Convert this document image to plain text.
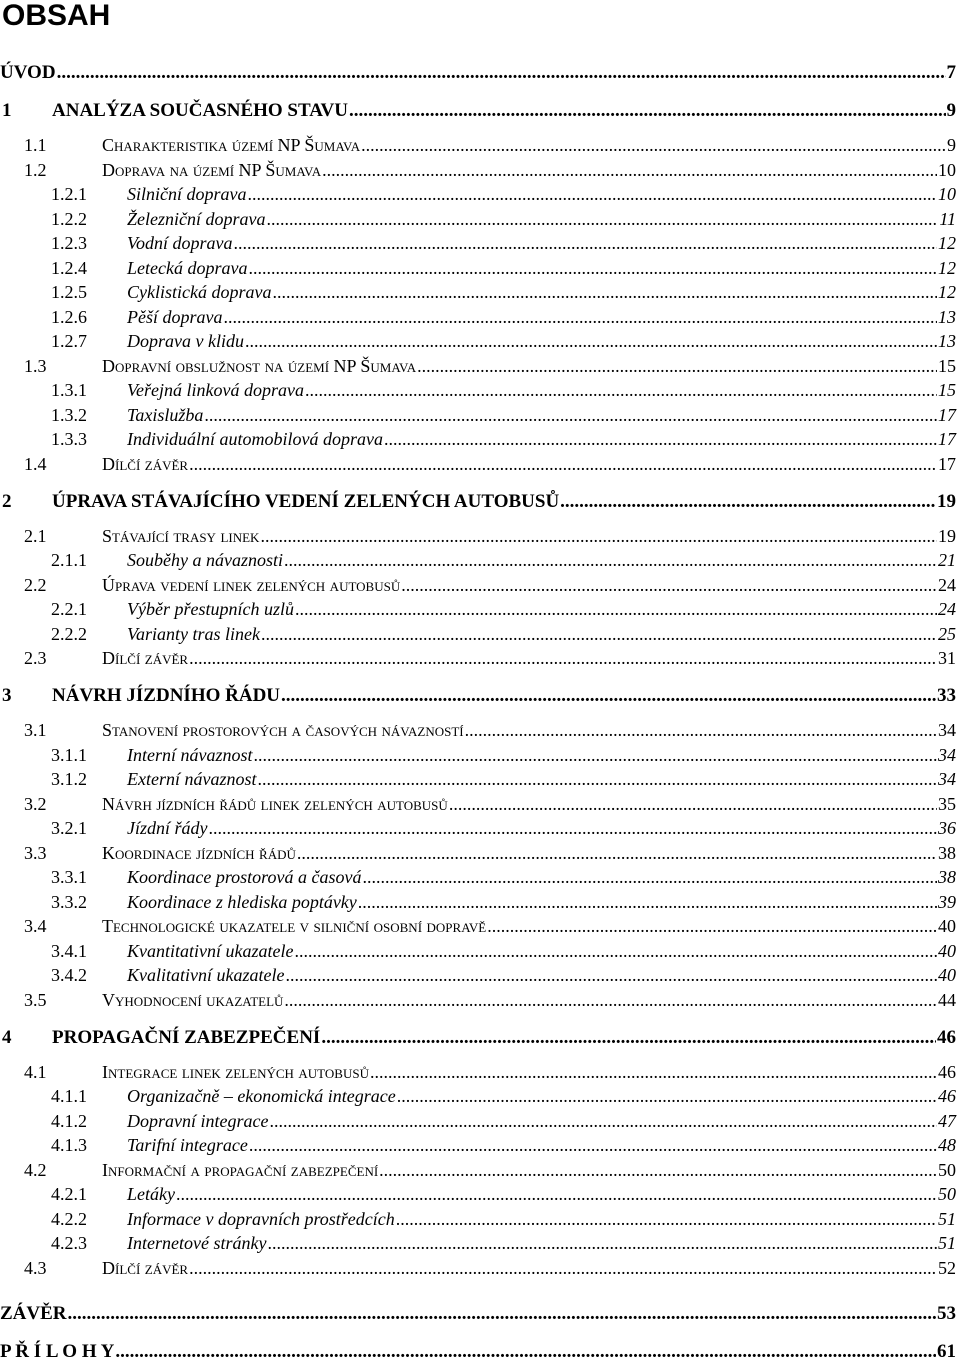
OBSAH
ÚVOD .....	7
1	ANALÝZA SOUČASNÉHO STAVU .....	9
1.1	Charakteristika území NP Šumava .....	9
1.2	Doprava na území NP Šumava .....	10
1.2.1	Silniční doprava .....	10
1.2.2	Železniční doprava .....	11
1.2.3	Vodní doprava .....	12
1.2.4	Letecká doprava .....	12
1.2.5	Cyklistická doprava .....	12
1.2.6	Pěší doprava .....	13
1.2.7	Doprava v klidu .....	13
1.3	Dopravní obslužnost na území NP Šumava .....	15
1.3.1	Veřejná linková doprava .....	15
1.3.2	Taxislužba .....	17
1.3.3	Individuální automobilová doprava .....	17
1.4	Dílčí závěr .....	17
2	ÚPRAVA STÁVAJÍCÍHO VEDENÍ ZELENÝCH AUTOBUSŮ .....	19
2.1	Stávající trasy linek .....	19
2.1.1	Souběhy a návaznosti .....	21
2.2	Úprava vedení linek zelených autobusů .....	24
2.2.1	Výběr přestupních uzlů .....	24
2.2.2	Varianty tras linek .....	25
2.3	Dílčí závěr .....	31
3	NÁVRH JÍZDNÍHO ŘÁDU .....	33
3.1	Stanovení prostorových a časových návazností .....	34
3.1.1	Interní návaznost .....	34
3.1.2	Externí návaznost .....	34
3.2	Návrh jízdních řádů linek zelených autobusů .....	35
3.2.1	Jízdní řády .....	36
3.3	Koordinace jízdních řádů .....	38
3.3.1	Koordinace prostorová a časová .....	38
3.3.2	Koordinace z hlediska poptávky .....	39
3.4	Technologické ukazatele v silniční osobní dopravě .....	40
3.4.1	Kvantitativní ukazatele .....	40
3.4.2	Kvalitativní ukazatele .....	40
3.5	Vyhodnocení ukazatelů .....	44
4	PROPAGAČNÍ ZABEZPEČENÍ .....	46
4.1	Integrace linek zelených autobusů .....	46
4.1.1	Organizačně – ekonomická integrace .....	46
4.1.2	Dopravní integrace .....	47
4.1.3	Tarifní integrace .....	48
4.2	Informační a propagační zabezpečení .....	50
4.2.1	Letáky .....	50
4.2.2	Informace v dopravních prostředcích .....	51
4.2.3	Internetové stránky .....	51
4.3	Dílčí závěr .....	52
ZÁVĚR .....	53
P Ř Í L O H Y .....	61
